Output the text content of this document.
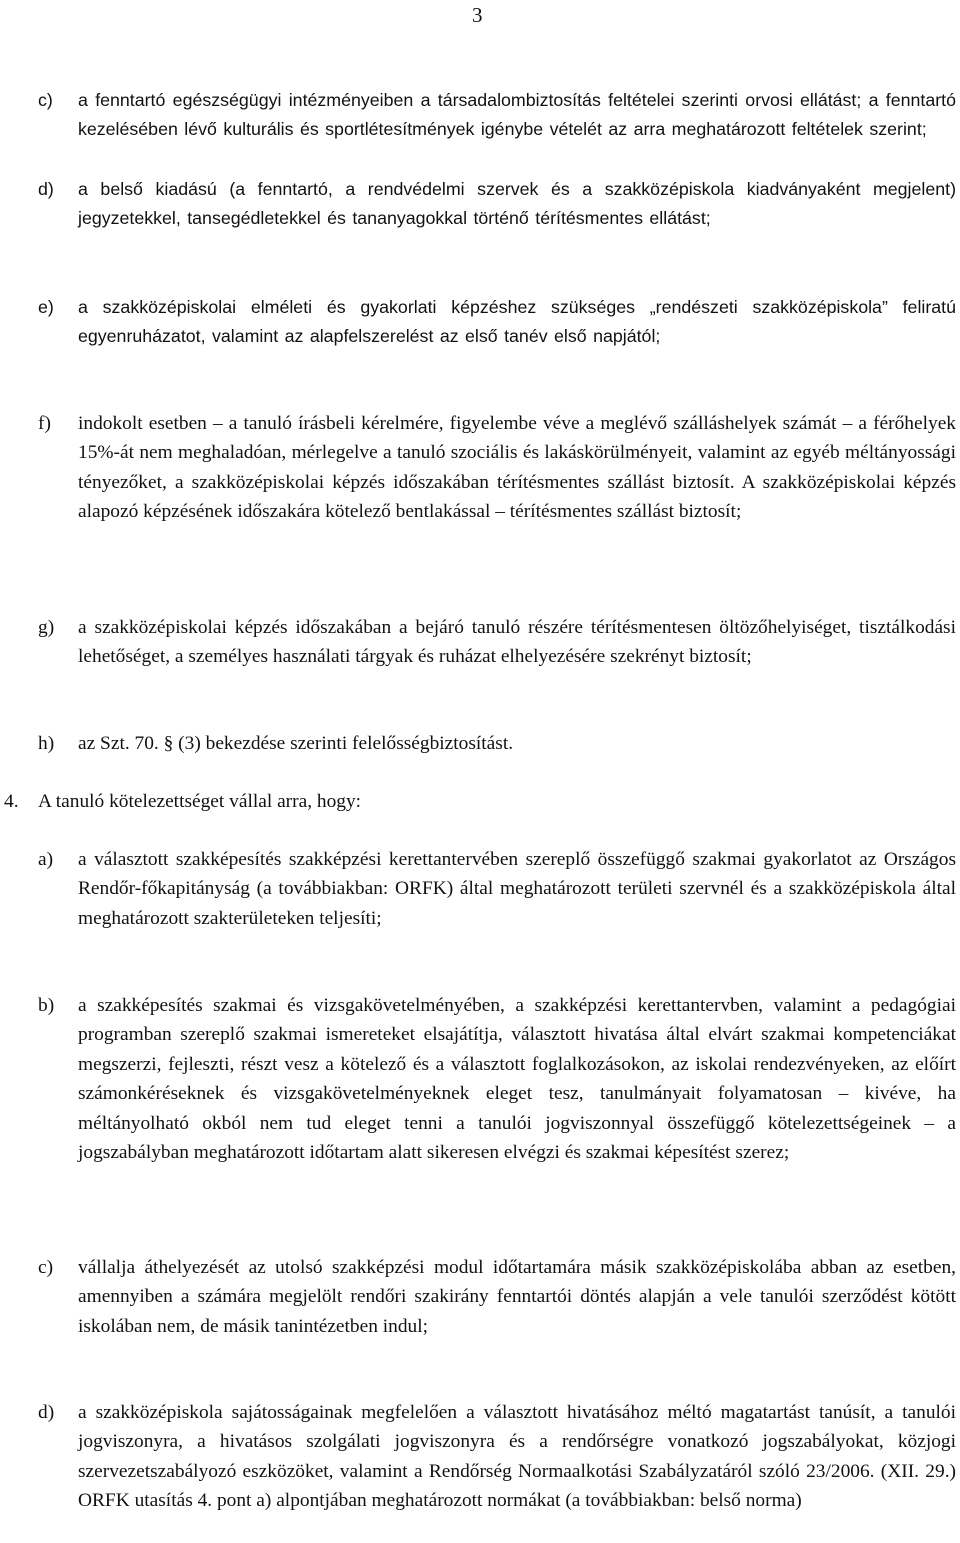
3
c)	a fenntartó egészségügyi intézményeiben a társadalombiztosítás feltételei szerinti orvosi ellátást; a fenntartó kezelésében lévő kulturális és sportlétesítmények igénybe vételét az arra meghatározott feltételek szerint;
d)	a belső kiadású (a fenntartó, a rendvédelmi szervek és a szakközépiskola kiadványaként megjelent) jegyzetekkel, tansegédletekkel és tananyagokkal történő térítésmentes ellátást;
e)	a szakközépiskolai elméleti és gyakorlati képzéshez szükséges „rendészeti szakközépiskola” feliratú egyenruházatot, valamint az alapfelszerelést az első tanév első napjától;
f)	indokolt esetben – a tanuló írásbeli kérelmére, figyelembe véve a meglévő szálláshelyek számát – a férőhelyek 15%-át nem meghaladóan, mérlegelve a tanuló szociális és lakáskörülményeit, valamint az egyéb méltányossági tényezőket, a szakközépiskolai képzés időszakában térítésmentes szállást biztosít. A szakközépiskolai képzés alapozó képzésének időszakára kötelező bentlakással – térítésmentes szállást biztosít;
g)	a szakközépiskolai képzés időszakában a bejáró tanuló részére térítésmentesen öltözőhelyiséget, tisztálkodási lehetőséget, a személyes használati tárgyak és ruházat elhelyezésére szekrényt biztosít;
h)	az Szt. 70. § (3) bekezdése szerinti felelősségbiztosítást.
4.	A tanuló kötelezettséget vállal arra, hogy:
a)	a választott szakképesítés szakképzési kerettantervében szereplő összefüggő szakmai gyakorlatot az Országos Rendőr-főkapitányság (a továbbiakban: ORFK) által meghatározott területi szervnél és a szakközépiskola által meghatározott szakterületeken teljesíti;
b)	a szakképesítés szakmai és vizsgakövetelményében, a szakképzési kerettantervben, valamint a pedagógiai programban szereplő szakmai ismereteket elsajátítja, választott hivatása által elvárt szakmai kompetenciákat megszerzi, fejleszti, részt vesz a kötelező és a választott foglalkozásokon, az iskolai rendezvényeken, az előírt számonkéréseknek és vizsgakövetelményeknek eleget tesz, tanulmányait folyamatosan – kivéve, ha méltányolható okból nem tud eleget tenni a tanulói jogviszonnyal összefüggő kötelezettségeinek – a jogszabályban meghatározott időtartam alatt sikeresen elvégzi és szakmai képesítést szerez;
c)	vállalja áthelyezését az utolsó szakképzési modul időtartamára másik szakközépiskolába abban az esetben, amennyiben a számára megjelölt rendőri szakirány fenntartói döntés alapján a vele tanulói szerződést kötött iskolában nem, de másik tanintézetben indul;
d)	a szakközépiskola sajátosságainak megfelelően a választott hivatásához méltó magatartást tanúsít, a tanulói jogviszonyra, a hivatásos szolgálati jogviszonyra és a rendőrségre vonatkozó jogszabályokat, közjogi szervezetszabályozó eszközöket, valamint a Rendőrség Normaalkotási Szabályzatáról szóló 23/2006. (XII. 29.) ORFK utasítás 4. pont a) alpontjában meghatározott normákat (a továbbiakban: belső norma)
